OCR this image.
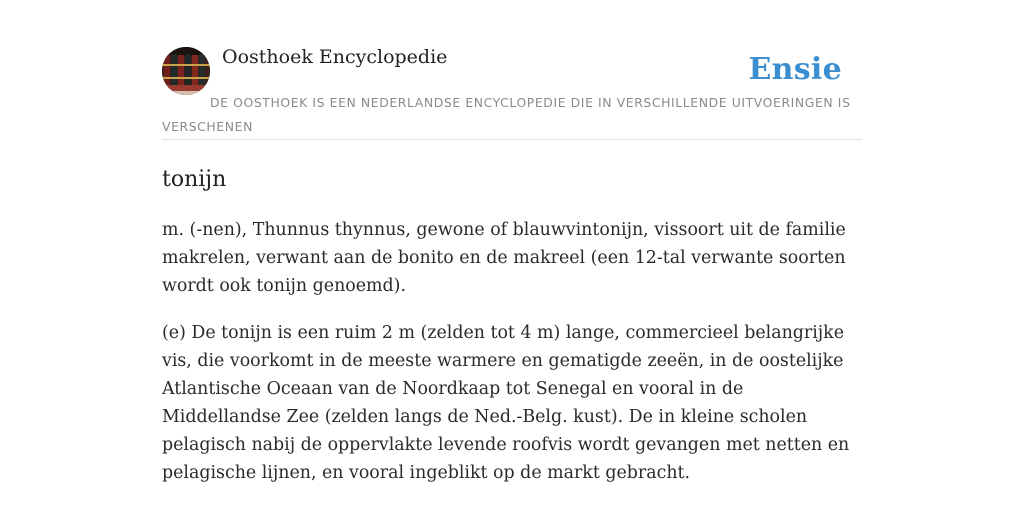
Oosthoek Encyclopedie	Ensie
DE OOSTHOEK IS EEN NEDERLANDSE ENCYCLOPEDIE DIE IN VERSCHILLENDE UITVOERINGEN IS VERSCHENEN
tonijn

m. (-nen), Thunnus thynnus, gewone of blauwvintonijn, vissoort uit de familie makrelen, verwant aan de bonito en de makreel (een 12-tal verwante soorten wordt ook tonijn genoemd).

(e) De tonijn is een ruim 2 m (zelden tot 4 m) lange, commercieel belangrijke vis, die voorkomt in de meeste warmere en gematigde zeeën, in de oostelijke Atlantische Oceaan van de Noordkaap tot Senegal en vooral in de Middellandse Zee (zelden langs de Ned.-Belg. kust). De in kleine scholen pelagisch nabij de oppervlakte levende roofvis wordt gevangen met netten en pelagische lijnen, en vooral ingeblikt op de markt gebracht.
